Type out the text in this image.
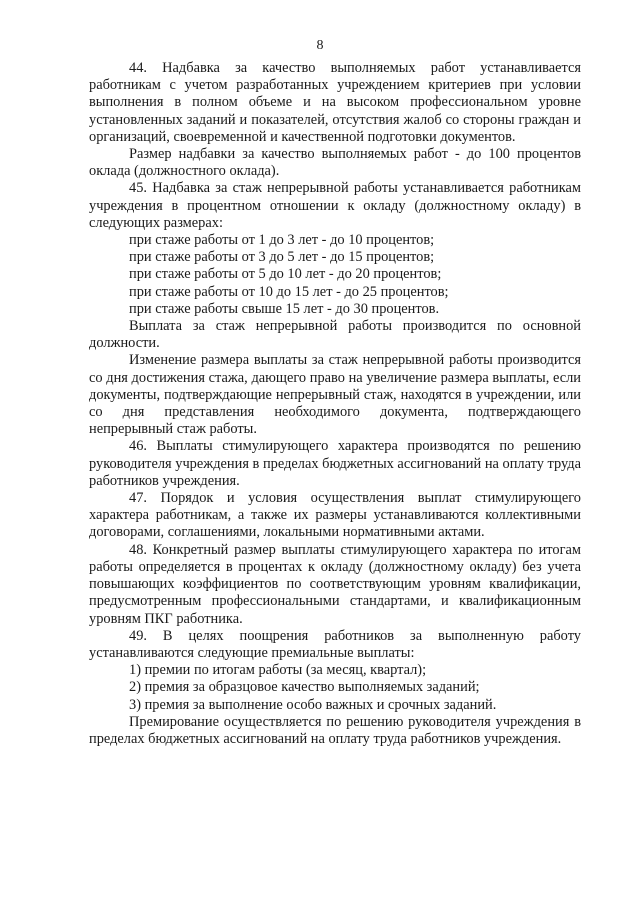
8

44. Надбавка за качество выполняемых работ устанавливается работникам с учетом разработанных учреждением критериев при условии выполнения в полном объеме и на высоком профессиональном уровне установленных заданий и показателей, отсутствия жалоб со стороны граждан и организаций, своевременной и качественной подготовки документов.

Размер надбавки за качество выполняемых работ - до 100 процентов оклада (должностного оклада).

45. Надбавка за стаж непрерывной работы устанавливается работникам учреждения в процентном отношении к окладу (должностному окладу) в следующих размерах:

при стаже работы от 1 до 3 лет - до 10 процентов;

при стаже работы от 3 до 5 лет - до 15 процентов;

при стаже работы от 5 до 10 лет - до 20 процентов;

при стаже работы от 10 до 15 лет - до 25 процентов;

при стаже работы свыше 15 лет - до 30 процентов.

Выплата за стаж непрерывной работы производится по основной должности.

Изменение размера выплаты за стаж непрерывной работы производится со дня достижения стажа, дающего право на увеличение размера выплаты, если документы, подтверждающие непрерывный стаж, находятся в учреждении, или со дня представления необходимого документа, подтверждающего непрерывный стаж работы.

46. Выплаты стимулирующего характера производятся по решению руководителя учреждения в пределах бюджетных ассигнований на оплату труда работников учреждения.

47. Порядок и условия осуществления выплат стимулирующего характера работникам, а также их размеры устанавливаются коллективными договорами, соглашениями, локальными нормативными актами.

48. Конкретный размер выплаты стимулирующего характера по итогам работы определяется в процентах к окладу (должностному окладу) без учета повышающих коэффициентов по соответствующим уровням квалификации, предусмотренным профессиональными стандартами, и квалификационным уровням ПКГ работника.

49. В целях поощрения работников за выполненную работу устанавливаются следующие премиальные выплаты:

1) премии по итогам работы (за месяц, квартал);

2) премия за образцовое качество выполняемых заданий;

3) премия за выполнение особо важных и срочных заданий.

Премирование осуществляется по решению руководителя учреждения в пределах бюджетных ассигнований на оплату труда работников учреждения.
